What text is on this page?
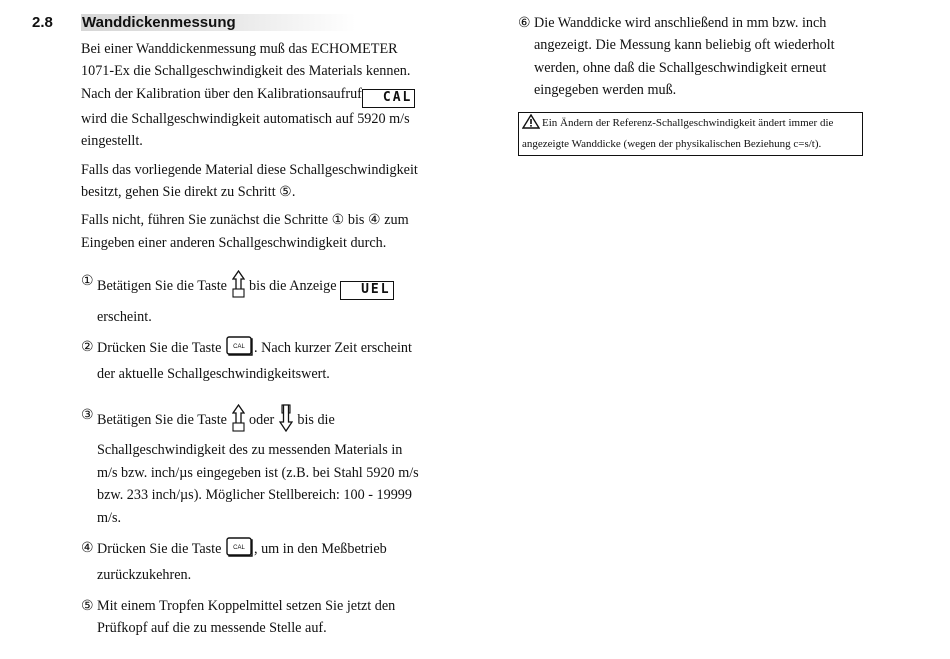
2.8 Wanddickenmessung

Bei einer Wanddickenmessung muß das ECHOMETER 1071-Ex die Schallgeschwindigkeit des Materials kennen. Nach der Kalibration über den Kalibrationsaufruf CAL wird die Schallgeschwindigkeit automatisch auf 5920 m/s eingestellt.

Falls das vorliegende Material diese Schallgeschwindigkeit besitzt, gehen Sie direkt zu Schritt ⑤.

Falls nicht, führen Sie zunächst die Schritte ① bis ④ zum Eingeben einer anderen Schallgeschwindigkeit durch.

① Betätigen Sie die Taste  bis die Anzeige UEL erscheint.
② Drücken Sie die Taste CAL . Nach kurzer Zeit erscheint der aktuelle Schallgeschwindigkeitswert.
③ Betätigen Sie die Taste  oder  bis die Schallgeschwindigkeit des zu messenden Materials in m/s bzw. inch/µs eingegeben ist (z.B. bei Stahl 5920 m/s bzw. 233 inch/µs). Möglicher Stellbereich: 100 - 19999 m/s.
④ Drücken Sie die Taste CAL , um in den Meßbetrieb zurückzukehren.
⑤ Mit einem Tropfen Koppelmittel setzen Sie jetzt den Prüfkopf auf die zu messende Stelle auf.
⑥ Die Wanddicke wird anschließend in mm bzw. inch angezeigt. Die Messung kann beliebig oft wiederholt werden, ohne daß die Schallgeschwindigkeit erneut eingegeben werden muß.
Ein Ändern der Referenz-Schallgeschwindigkeit ändert immer die angezeigte Wanddicke (wegen der physikalischen Beziehung c=s/t).
